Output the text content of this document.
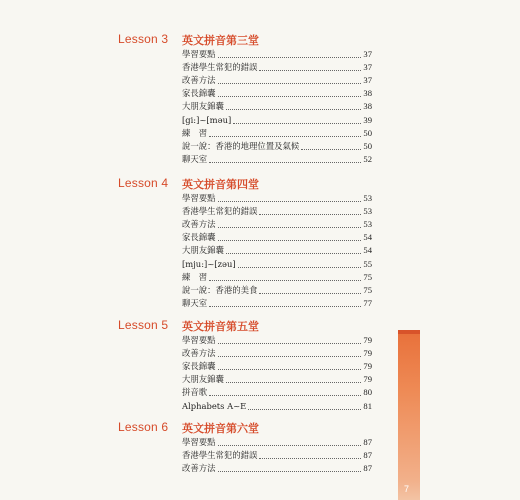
Lesson 3 英文拼音第三堂
學習要點	37
香港學生常犯的錯誤	37
改善方法	37
家長錦囊	38
大朋友錦囊	38
[gi:]~[məu]	39
練　習	50
說一說：香港的地理位置及氣候	50
聊天室	52
Lesson 4 英文拼音第四堂
學習要點	53
香港學生常犯的錯誤	53
改善方法	53
家長錦囊	54
大朋友錦囊	54
[mju:]~[zəu]	55
練　習	75
說一說：香港的美食	75
聊天室	77
Lesson 5 英文拼音第五堂
學習要點	79
改善方法	79
家長錦囊	79
大朋友錦囊	79
拼音歌	80
Alphabets A~E	81
Lesson 6 英文拼音第六堂
學習要點	87
香港學生常犯的錯誤	87
改善方法	87
7
